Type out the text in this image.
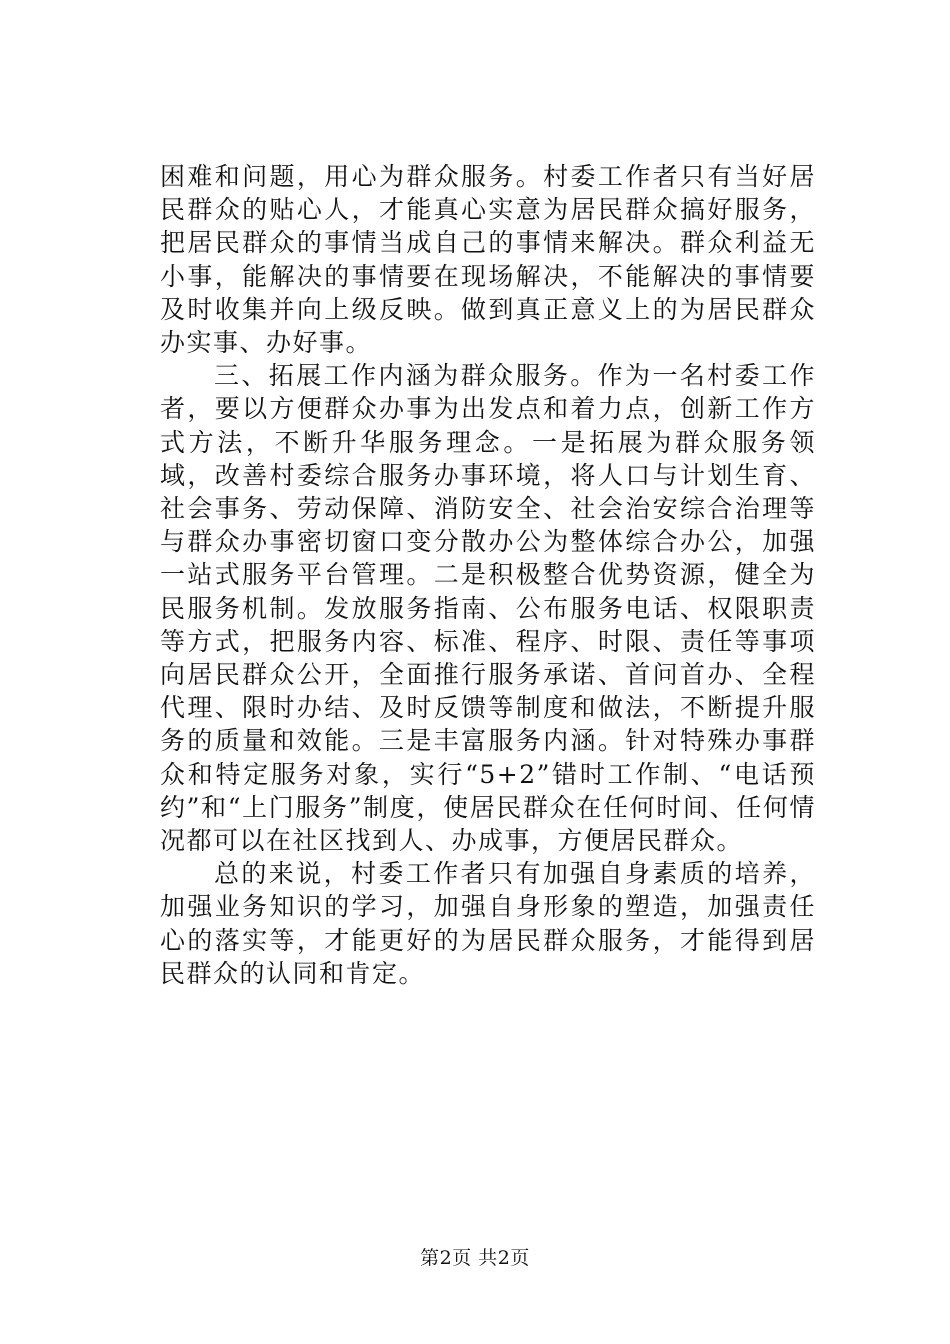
困难和问题，用心为群众服务。村委工作者只有当好居民群众的贴心人，才能真心实意为居民群众搞好服务，把居民群众的事情当成自己的事情来解决。群众利益无小事，能解决的事情要在现场解决，不能解决的事情要及时收集并向上级反映。做到真正意义上的为居民群众办实事、办好事。

三、拓展工作内涵为群众服务。作为一名村委工作者，要以方便群众办事为出发点和着力点，创新工作方式方法，不断升华服务理念。一是拓展为群众服务领域，改善村委综合服务办事环境，将人口与计划生育、社会事务、劳动保障、消防安全、社会治安综合治理等与群众办事密切窗口变分散办公为整体综合办公，加强一站式服务平台管理。二是积极整合优势资源，健全为民服务机制。发放服务指南、公布服务电话、权限职责等方式，把服务内容、标准、程序、时限、责任等事项向居民群众公开，全面推行服务承诺、首问首办、全程代理、限时办结、及时反馈等制度和做法，不断提升服务的质量和效能。三是丰富服务内涵。针对特殊办事群众和特定服务对象，实行“5+2”错时工作制、“电话预约”和“上门服务”制度，使居民群众在任何时间、任何情况都可以在社区找到人、办成事，方便居民群众。

总的来说，村委工作者只有加强自身素质的培养，加强业务知识的学习，加强自身形象的塑造，加强责任心的落实等，才能更好的为居民群众服务，才能得到居民群众的认同和肯定。

第2页 共2页
